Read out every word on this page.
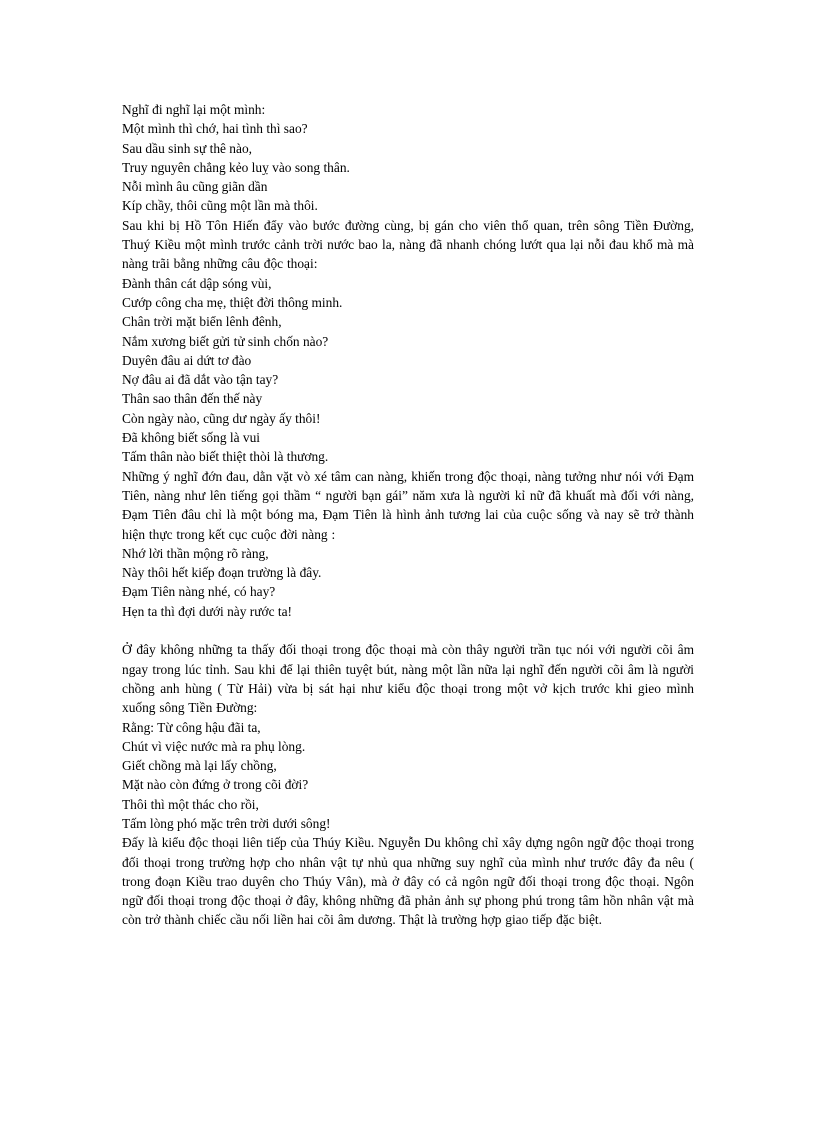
Nghĩ đi nghĩ lại một mình:
Một mình thì chớ, hai tình thì sao?
Sau dầu sinh sự thê nào,
Truy nguyên chẳng kẻo luỵ vào song thân.
Nỗi mình âu cũng giãn dần
Kíp chầy, thôi cũng một lần mà thôi.

Sau khi bị Hồ Tôn Hiến đẩy vào bước đường cùng, bị gán cho viên thổ quan, trên sông Tiền Đường, Thuý Kiều một mình trước cảnh trời nước bao la, nàng đã nhanh chóng lướt qua lại nỗi đau khổ mà mà nàng trãi bằng những câu độc thoại:

Đành thân cát dập sóng vùi,
Cướp công cha mẹ, thiệt đời thông minh.
Chân trời mặt biển lênh đênh,
Nắm xương biết gửi tử sinh chốn nào?
Duyên đâu ai dứt tơ đào
Nợ đâu ai đã dắt vào tận tay?
Thân sao thân đến thế này
Còn ngày nào, cũng dư ngày ấy thôi!
Đã không biết sống là vui
Tấm thân nào biết thiệt thòi là thương.

Những ý nghĩ đớn đau, dằn vặt vò xé tâm can nàng, khiến trong độc thoại, nàng tưởng như nói với Đạm Tiên, nàng như lên tiếng gọi thầm “ người bạn gái” năm xưa là người kỉ nữ đã khuất mà đối với nàng, Đạm Tiên đâu chỉ là một bóng ma, Đạm Tiên là hình ảnh tương lai của cuộc sống và nay sẽ trở thành hiện thực trong kết cục cuộc đời nàng :

Nhớ lời thần mộng rõ ràng,
Này thôi hết kiếp đoạn trường là đây.
Đạm Tiên nàng nhé, có hay?
Hẹn ta thì đợi dưới này rước ta!

Ở đây không những ta thấy đối thoại trong độc thoại mà còn thây người trần tục nói với người cõi âm ngay trong lúc tỉnh. Sau khi để lại thiên tuyệt bút, nàng một lần nữa lại nghĩ đến người cõi âm là người chồng anh hùng ( Từ Hải) vừa bị sát hại như kiểu độc thoại trong một vở kịch trước khi gieo mình xuống sông Tiền Đường:

Rằng: Từ công hậu đãi ta,
Chút vì việc nước mà ra phụ lòng.
Giết chồng mà lại lấy chồng,
Mặt nào còn đứng ở trong cõi đời?
Thôi thì một thác cho rồi,
Tấm lòng phó mặc trên trời dưới sông!

Đấy là kiểu độc thoại liên tiếp của Thúy Kiều. Nguyễn Du không chỉ xây dựng ngôn ngữ độc thoại trong đối thoại trong trường hợp cho nhân vật tự nhủ qua những suy nghĩ của mình như trước đây đa nêu ( trong đoạn Kiều trao duyên cho Thúy Vân), mà ở đây có cả ngôn ngữ đối thoại trong độc thoại. Ngôn ngữ đối thoại trong độc thoại ở đây, không những đã phản ảnh sự phong phú trong tâm hồn nhân vật mà còn trở thành chiếc cầu nối liền hai cõi âm dương. Thật là trường hợp giao tiếp đặc biệt.
